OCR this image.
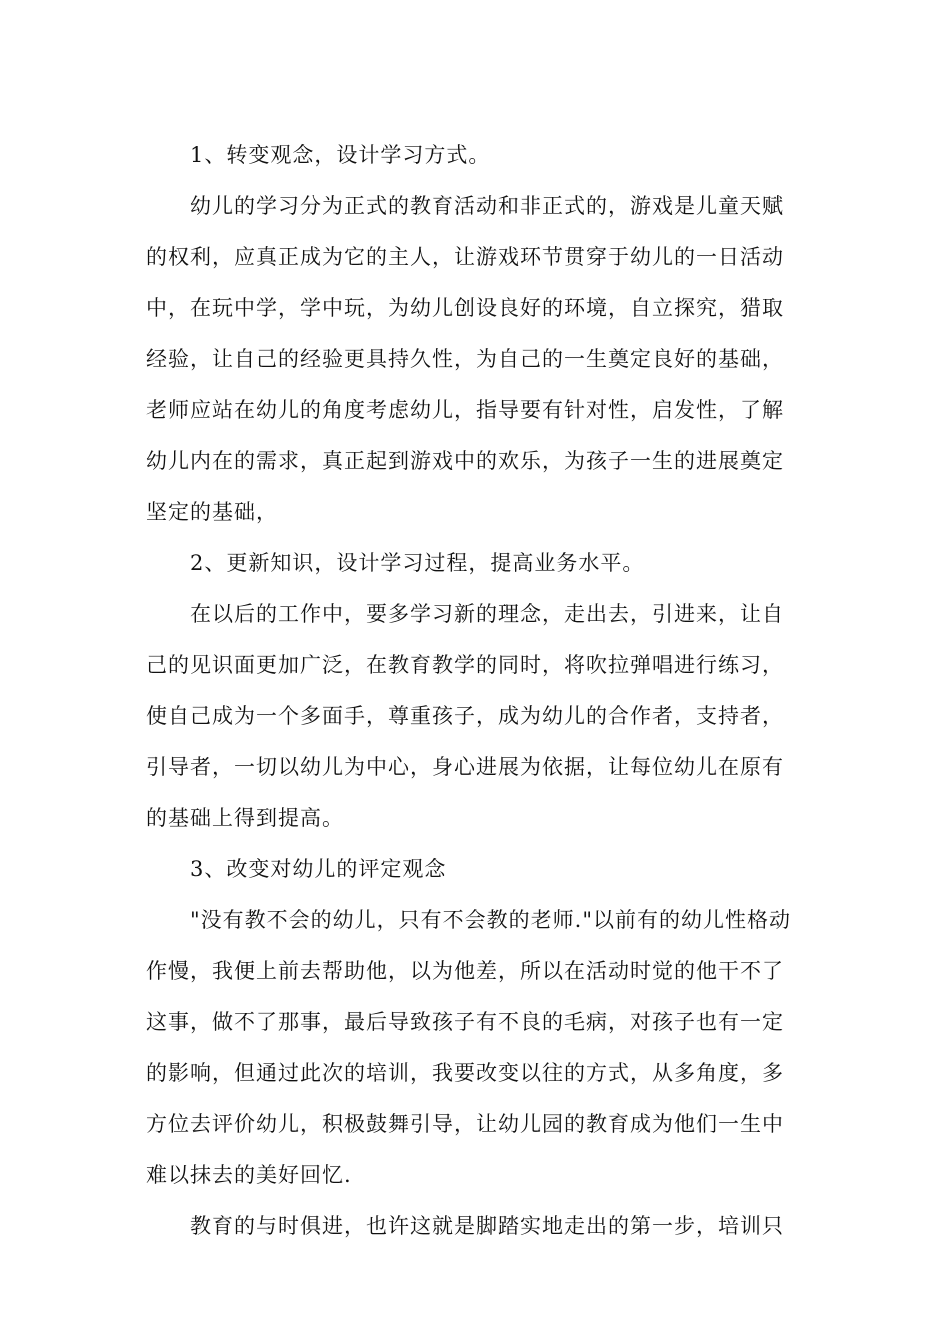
1、转变观念，设计学习方式。
幼儿的学习分为正式的教育活动和非正式的，游戏是儿童天赋
的权利，应真正成为它的主人，让游戏环节贯穿于幼儿的一日活动
中，在玩中学，学中玩，为幼儿创设良好的环境，自立探究，猎取
经验，让自己的经验更具持久性，为自己的一生奠定良好的基础，
老师应站在幼儿的角度考虑幼儿，指导要有针对性，启发性，了解
幼儿内在的需求，真正起到游戏中的欢乐，为孩子一生的进展奠定
坚定的基础，
2、更新知识，设计学习过程，提高业务水平。
在以后的工作中，要多学习新的理念，走出去，引进来，让自
己的见识面更加广泛，在教育教学的同时，将吹拉弹唱进行练习，
使自己成为一个多面手，尊重孩子，成为幼儿的合作者，支持者，
引导者，一切以幼儿为中心，身心进展为依据，让每位幼儿在原有
的基础上得到提高。
3、改变对幼儿的评定观念
"没有教不会的幼儿，只有不会教的老师."以前有的幼儿性格动
作慢，我便上前去帮助他，以为他差，所以在活动时觉的他干不了
这事，做不了那事，最后导致孩子有不良的毛病，对孩子也有一定
的影响，但通过此次的培训，我要改变以往的方式，从多角度，多
方位去评价幼儿，积极鼓舞引导，让幼儿园的教育成为他们一生中
难以抹去的美好回忆.
教育的与时俱进，也许这就是脚踏实地走出的第一步，培训只
